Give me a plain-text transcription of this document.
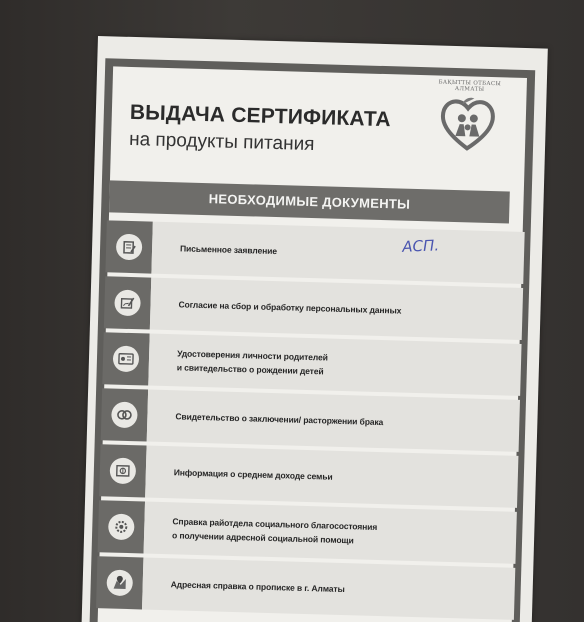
ВЫДАЧА СЕРТИФИКАТА
на продукты питания
БАҚЫТТЫ ОТБАСЫ
АЛМАТЫ
НЕОБХОДИМЫЕ ДОКУМЕНТЫ
Письменное заявление	АСП.
Согласие на сбор и обработку персональных данных
Удостоверения личности родителей
и свитедельство о рождении детей
Свидетельство о заключении/ расторжении брака
Информация о среднем доходе семьи
Справка райотдела социального благосостояния
о получении адресной социальной помощи
Адресная справка о прописке в г. Алматы
